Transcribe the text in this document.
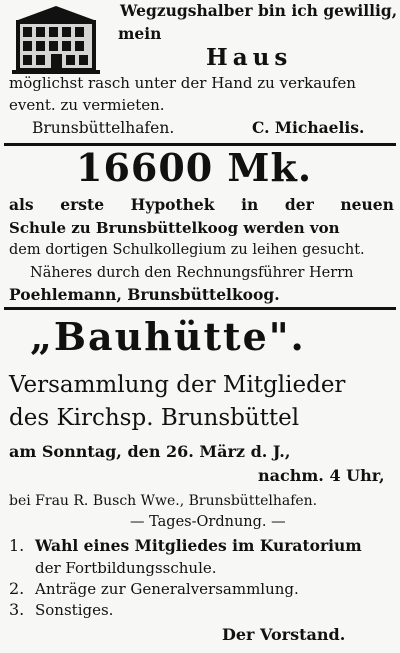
Wegzugshalber bin ich gewillig,
mein
Haus
möglichst rasch unter der Hand zu verkaufen
event. zu vermieten.
Brunsbüttelhafen.	C. Michaelis.
16600 Mk.
als erste Hypothek in der neuen
Schule zu Brunsbüttelkoog werden von
dem dortigen Schulkollegium zu leihen gesucht.
Näheres durch den Rechnungsführer Herrn
Poehlemann, Brunsbüttelkoog.
„Bauhütte".
Versammlung der Mitglieder
des Kirchsp. Brunsbüttel
am Sonntag, den 26. März d. J.,
nachm. 4 Uhr,
bei Frau R. Busch Wwe., Brunsbüttelhafen.
— Tages-Ordnung. —
1. Wahl eines Mitgliedes im Kuratorium
der Fortbildungsschule.
2. Anträge zur Generalversammlung.
3. Sonstiges.
Der Vorstand.
